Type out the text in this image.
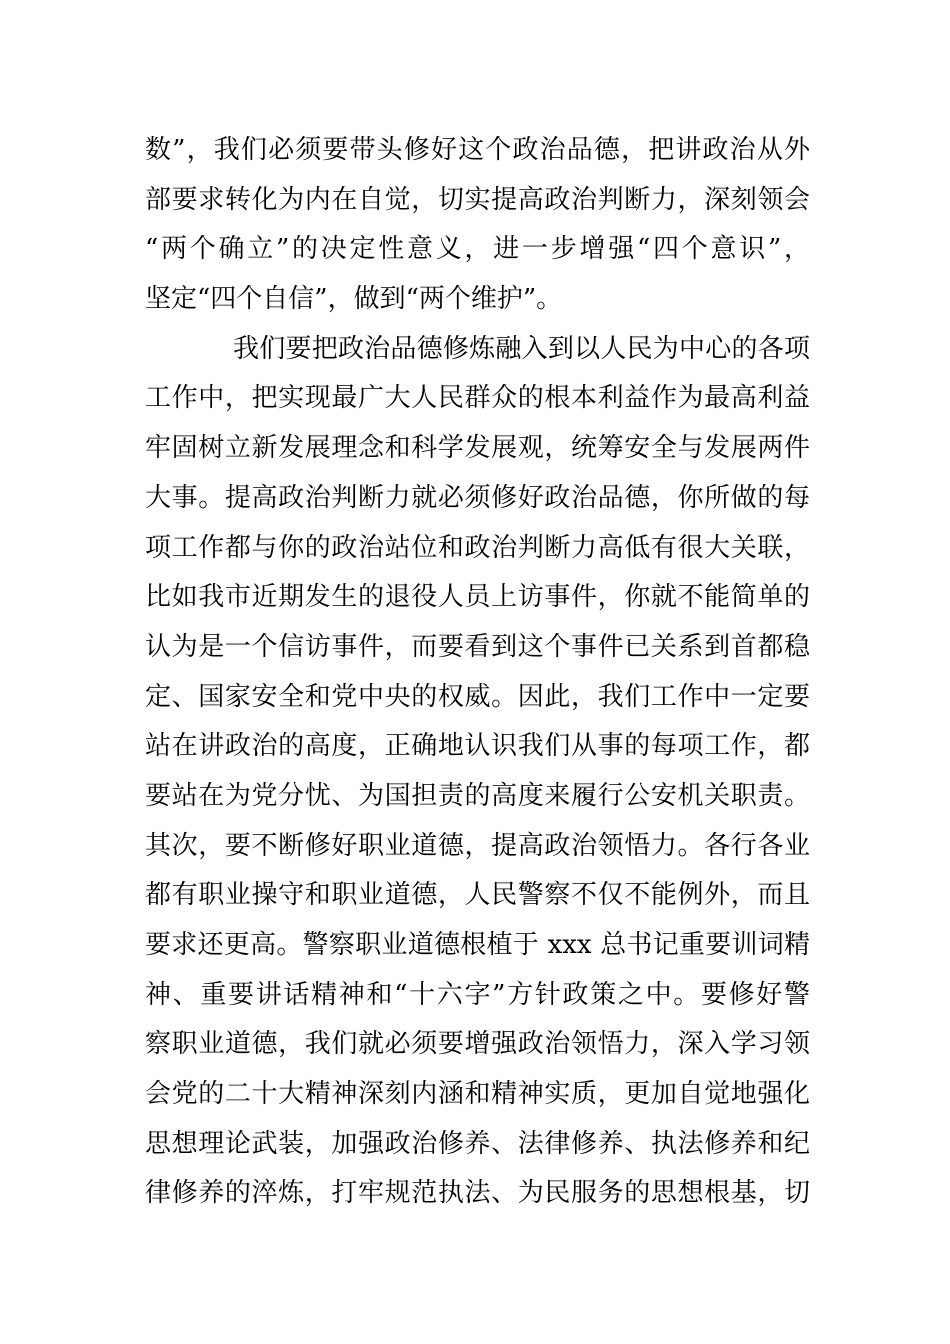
数”，我们必须要带头修好这个政治品德，把讲政治从外
部要求转化为内在自觉，切实提高政治判断力，深刻领会
“两个确立”的决定性意义，进一步增强“四个意识”，
坚定“四个自信”，做到“两个维护”。
我们要把政治品德修炼融入到以人民为中心的各项
工作中，把实现最广大人民群众的根本利益作为最高利益
牢固树立新发展理念和科学发展观，统筹安全与发展两件
大事。提高政治判断力就必须修好政治品德，你所做的每
项工作都与你的政治站位和政治判断力高低有很大关联，
比如我市近期发生的退役人员上访事件，你就不能简单的
认为是一个信访事件，而要看到这个事件已关系到首都稳
定、国家安全和党中央的权威。因此，我们工作中一定要
站在讲政治的高度，正确地认识我们从事的每项工作，都
要站在为党分忧、为国担责的高度来履行公安机关职责。
其次，要不断修好职业道德，提高政治领悟力。各行各业
都有职业操守和职业道德，人民警察不仅不能例外，而且
要求还更高。警察职业道德根植于 xxx 总书记重要训词精
神、重要讲话精神和“十六字”方针政策之中。要修好警
察职业道德，我们就必须要增强政治领悟力，深入学习领
会党的二十大精神深刻内涵和精神实质，更加自觉地强化
思想理论武装，加强政治修养、法律修养、执法修养和纪
律修养的淬炼，打牢规范执法、为民服务的思想根基，切
